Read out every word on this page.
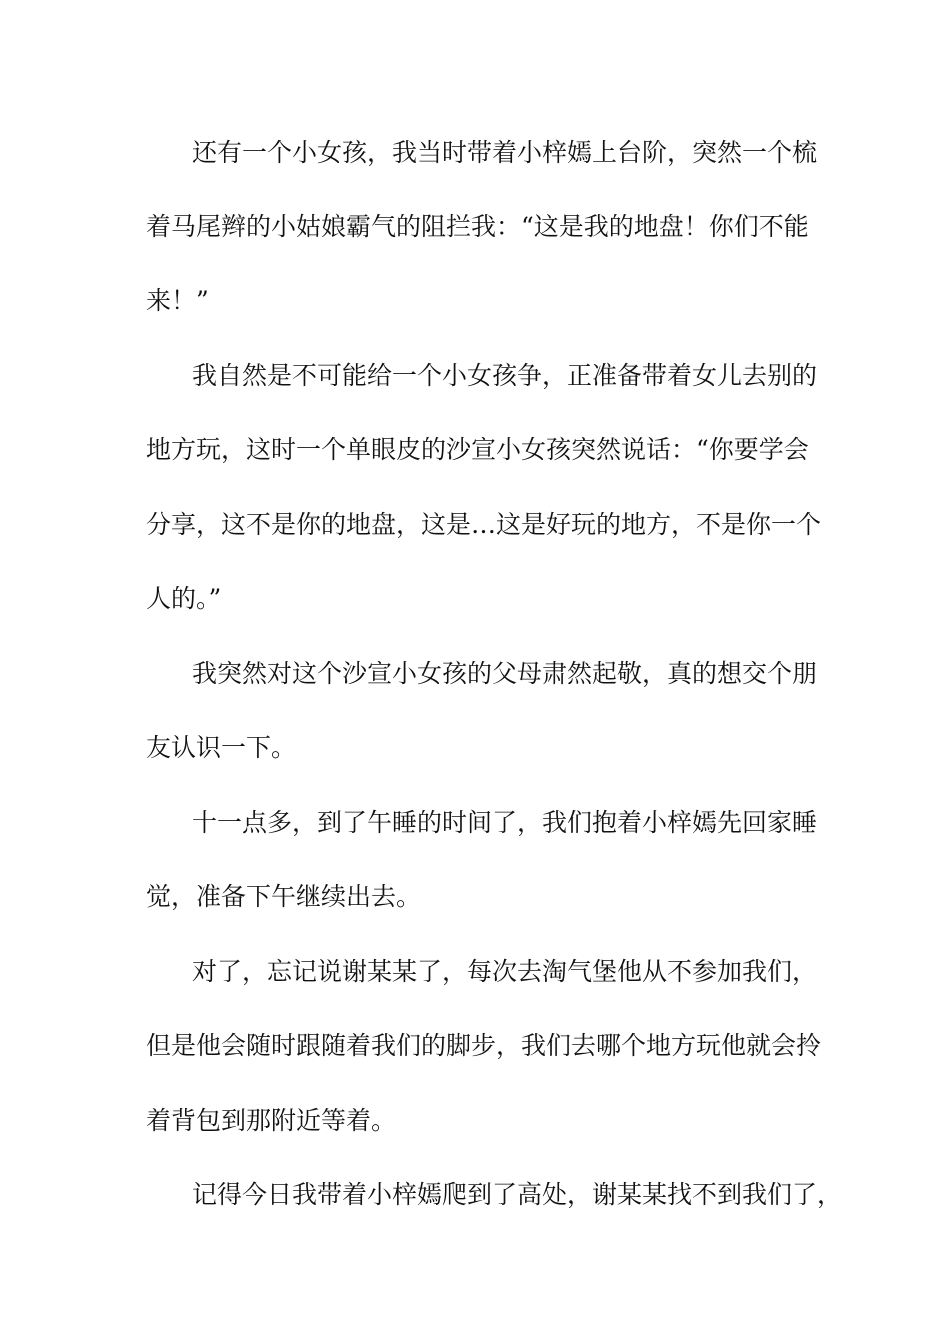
还有一个小女孩，我当时带着小梓嫣上台阶，突然一个梳
着马尾辫的小姑娘霸气的阻拦我：“这是我的地盘！你们不能
来！”
我自然是不可能给一个小女孩争，正准备带着女儿去别的
地方玩，这时一个单眼皮的沙宣小女孩突然说话：“你要学会
分享，这不是你的地盘，这是…这是好玩的地方，不是你一个
人的。”
我突然对这个沙宣小女孩的父母肃然起敬，真的想交个朋
友认识一下。
十一点多，到了午睡的时间了，我们抱着小梓嫣先回家睡
觉，准备下午继续出去。
对了，忘记说谢某某了，每次去淘气堡他从不参加我们，
但是他会随时跟随着我们的脚步，我们去哪个地方玩他就会拎
着背包到那附近等着。
记得今日我带着小梓嫣爬到了高处，谢某某找不到我们了，
